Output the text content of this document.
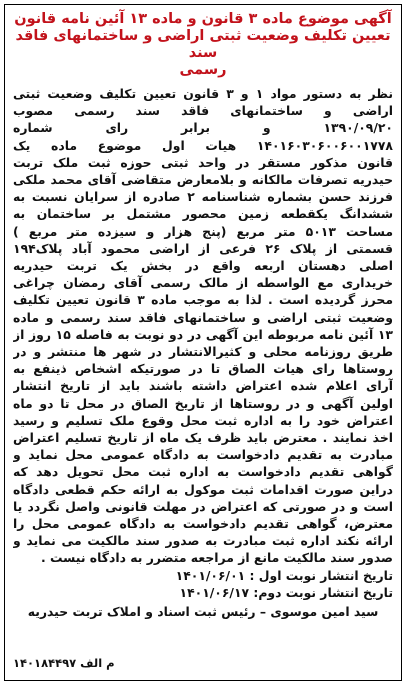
آگهی موضوع ماده ۳ قانون و ماده ۱۳ آئین نامه قانون
تعیین تکلیف وضعیت ثبتی اراضی و ساختمانهای فاقد سند
رسمی
نظر به دستور مواد ۱ و ۳ قانون تعیین تکلیف وضعیت ثبتی
اراضی و ساختمانهای فاقد سند رسمی مصوب
۱۳۹۰/۰۹/۲۰ و برابر رای شماره
۱۴۰۱۶۰۳۰۶۰۰۶۰۰۱۷۷۸ هیات اول موضوع ماده یک
قانون مذکور مستقر در واحد ثبتی حوزه ثبت ملک تربت
حیدریه تصرفات مالکانه و بلامعارض متقاضی آقای محمد ملکی
فرزند حسن بشماره شناسنامه ۲ صادره از سرایان نسبت به
ششدانگ یکقطعه زمین محصور مشتمل بر ساختمان به
مساحت ۵۰۱۳ متر مربع (پنج هزار و سیزده متر مربع )
قسمتی از پلاک ۲۶ فرعی از اراضی محمود آباد پلاک۱۹۴
اصلی دهستان اربعه واقع در بخش یک تربت حیدریه
خریداری مع الواسطه از مالک رسمی آقای رمضان چراغی
محرز گردیده است . لذا به موجب ماده ۳ قانون تعیین تکلیف
وضعیت ثبتی اراضی و ساختمانهای فاقد سند رسمی و ماده
۱۳ آئین نامه مربوطه این آگهی در دو نوبت به فاصله ۱۵ روز از
طریق روزنامه محلی و کثیرالانتشار در شهر ها منتشر و در
روستاها رای هیات الصاق تا در صورتیکه اشخاص ذینفع به
آرای اعلام شده اعتراض داشته باشند باید از تاریخ انتشار
اولین آگهی و در روستاها از تاریخ الصاق در محل تا دو ماه
اعتراض خود را به اداره ثبت محل وقوع ملک تسلیم و رسید
اخذ نمایند . معترض باید ظرف یک ماه از تاریخ تسلیم اعتراض
مبادرت به تقدیم دادخواست به دادگاه عمومی محل نماید و
گواهی تقدیم دادخواست به اداره ثبت محل تحویل دهد که
دراین صورت اقدامات ثبت موکول به ارائه حکم قطعی دادگاه
است و در صورتی که اعتراض در مهلت قانونی واصل نگردد یا
معترض، گواهی تقدیم دادخواست به دادگاه عمومی محل را
ارائه نکند اداره ثبت مبادرت به صدور سند مالکیت می نماید و
صدور سند مالکیت مانع از مراجعه متضرر به دادگاه نیست .
تاریخ انتشار نوبت اول : ۱۴۰۱/۰۶/۰۱
تاریخ انتشار نوبت دوم: ۱۴۰۱/۰۶/۱۷
سید امین موسوی – رئیس ثبت اسناد و املاک تربت حیدریه
م الف ۱۴۰۱۸۴۴۹۷
